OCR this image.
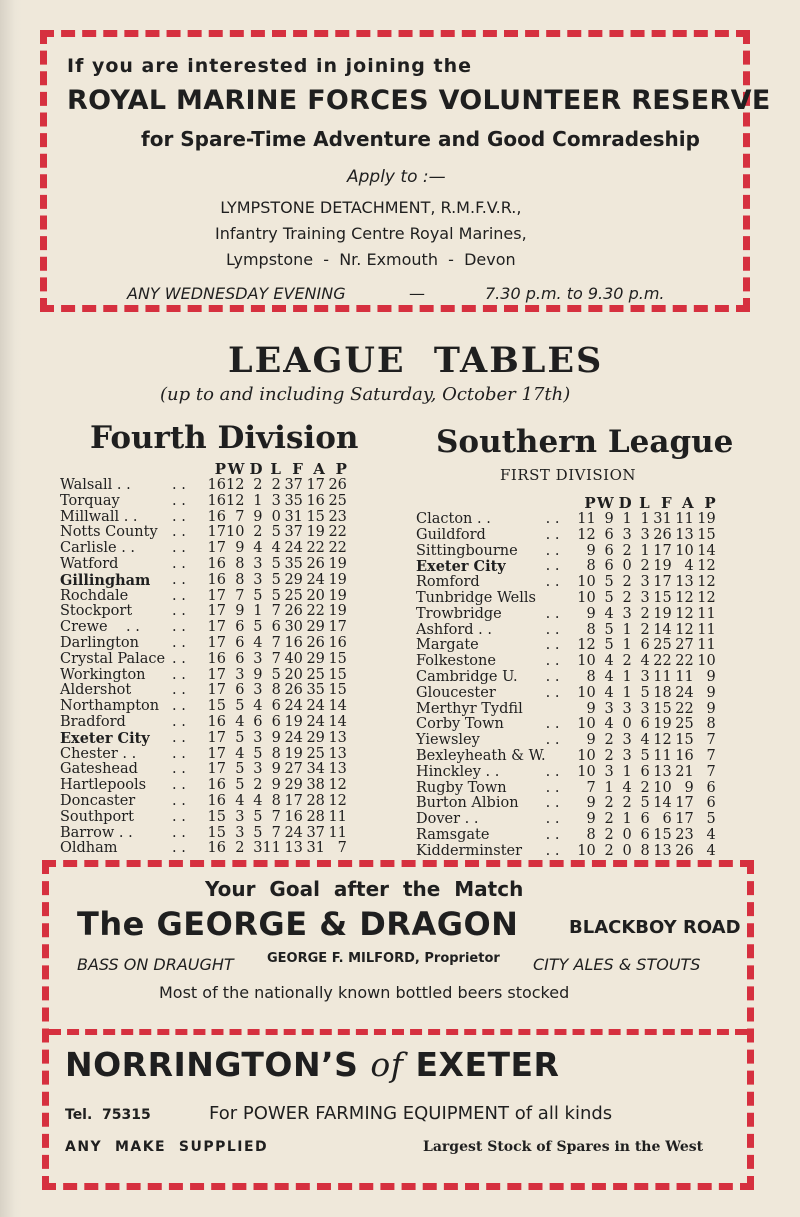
If you are interested in joining the
ROYAL MARINE FORCES VOLUNTEER RESERVE
for Spare-Time Adventure and Good Comradeship
Apply to :—
LYMPSTONE DETACHMENT, R.M.F.V.R.,
Infantry Training Centre Royal Marines,
Lympstone  -  Nr. Exmouth  -  Devon
ANY WEDNESDAY EVENING	—	7.30 p.m. to 9.30 p.m.
LEAGUE  TABLES
(up to and including Saturday, October 17th)
Fourth Division	Southern League
FIRST DIVISION
		P	W	D	L	F	A	P
Walsall . .	. .	16	12	2	2	37	17	26
Torquay	. .	16	12	1	3	35	16	25
Millwall . .	. .	16	7	9	0	31	15	23
Notts County	. .	17	10	2	5	37	19	22
Carlisle . .	. .	17	9	4	4	24	22	22
Watford	. .	16	8	3	5	35	26	19
Gillingham	. .	16	8	3	5	29	24	19
Rochdale	. .	17	7	5	5	25	20	19
Stockport	. .	17	9	1	7	26	22	19
Crewe    . .	. .	17	6	5	6	30	29	17
Darlington	. .	17	6	4	7	16	26	16
Crystal Palace	. .	16	6	3	7	40	29	15
Workington	. .	17	3	9	5	20	25	15
Aldershot	. .	17	6	3	8	26	35	15
Northampton	. .	15	5	4	6	24	24	14
Bradford	. .	16	4	6	6	19	24	14
Exeter City	. .	17	5	3	9	24	29	13
Chester . .	. .	17	4	5	8	19	25	13
Gateshead	. .	17	5	3	9	27	34	13
Hartlepools	. .	16	5	2	9	29	38	12
Doncaster	. .	16	4	4	8	17	28	12
Southport	. .	15	3	5	7	16	28	11
Barrow . .	. .	15	3	5	7	24	37	11
Oldham	. .	16	2	3	11	13	31	7
		P	W	D	L	F	A	P
Clacton . .	. .	11	9	1	1	31	11	19
Guildford	. .	12	6	3	3	26	13	15
Sittingbourne	. .	9	6	2	1	17	10	14
Exeter City	. .	8	6	0	2	19	4	12
Romford	. .	10	5	2	3	17	13	12
Tunbridge Wells		10	5	2	3	15	12	12
Trowbridge	. .	9	4	3	2	19	12	11
Ashford . .	. .	8	5	1	2	14	12	11
Margate	. .	12	5	1	6	25	27	11
Folkestone	. .	10	4	2	4	22	22	10
Cambridge U.	. .	8	4	1	3	11	11	9
Gloucester	. .	10	4	1	5	18	24	9
Merthyr Tydfil		9	3	3	3	15	22	9
Corby Town	. .	10	4	0	6	19	25	8
Yiewsley	. .	9	2	3	4	12	15	7
Bexleyheath & W.		10	2	3	5	11	16	7
Hinckley . .	. .	10	3	1	6	13	21	7
Rugby Town	. .	7	1	4	2	10	9	6
Burton Albion	. .	9	2	2	5	14	17	6
Dover . .	. .	9	2	1	6	6	17	5
Ramsgate	. .	8	2	0	6	15	23	4
Kidderminster	. .	10	2	0	8	13	26	4
Your  Goal  after  the  Match
The GEORGE & DRAGON	BLACKBOY ROAD
BASS ON DRAUGHT	GEORGE F. MILFORD, Proprietor CITY ALES & STOUTS
Most of the nationally known bottled beers stocked
NORRINGTON’S of EXETER
Tel.  75315	For POWER FARMING EQUIPMENT of all kinds
ANY  MAKE  SUPPLIED	Largest Stock of Spares in the West
